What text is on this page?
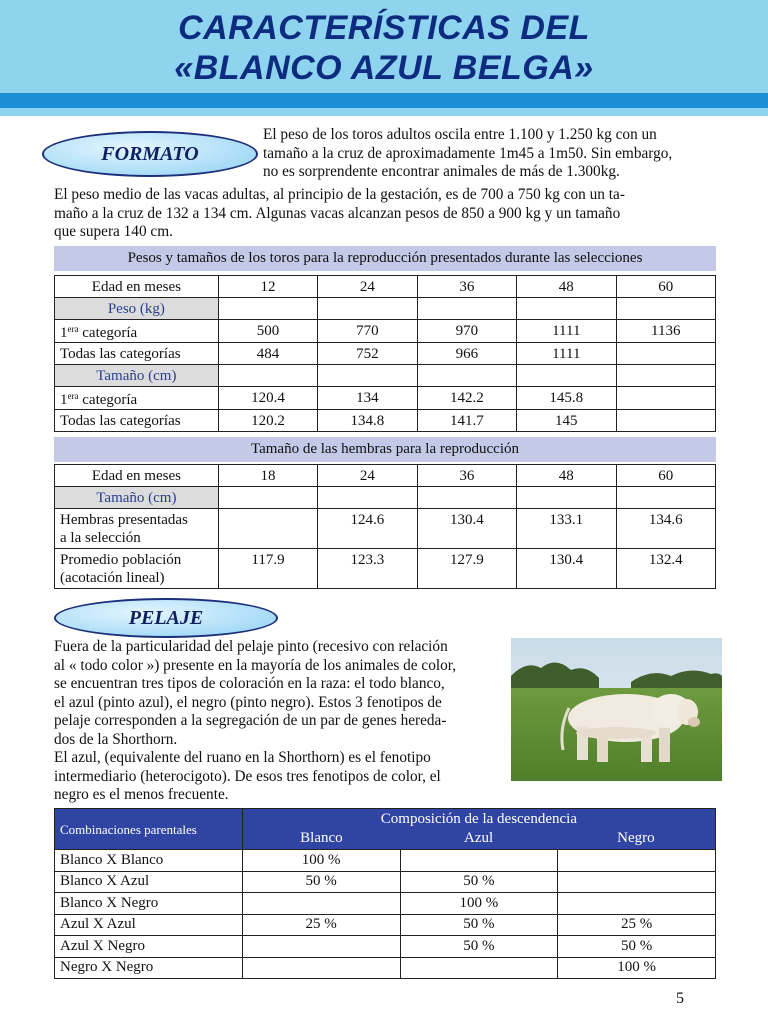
CARACTERÍSTICAS DEL
«BLANCO AZUL BELGA»
FORMATO
El peso de los toros adultos oscila entre 1.100 y 1.250 kg con un
tamaño a la cruz de aproximadamente 1m45 a 1m50. Sin embargo,
no es sorprendente encontrar animales de más de 1.300kg.
El peso medio de las vacas adultas, al principio de la gestación, es de 700 a 750 kg con un ta-
maño a la cruz de 132 a 134 cm. Algunas vacas alcanzan pesos de 850 a 900 kg y un tamaño
que supera 140 cm.
Pesos y tamaños de los toros para la reproducción presentados durante las selecciones
Edad en meses	12	24	36	48	60
Peso (kg)					
$1^{era}$ categoría	500	770	970	1111	1136
Todas las categorías	484	752	966	1111	
Tamaño (cm)					
$1^{era}$ categoría	120.4	134	142.2	145.8	
Todas las categorías	120.2	134.8	141.7	145	
Tamaño de las hembras para la reproducción
Edad en meses	18	24	36	48	60
Tamaño (cm)					

Hembras presentadas
a la selección		124.6	130.4	133.1	134.6

Promedio población
(acotación lineal)	117.9	123.3	127.9	130.4	132.4
PELAJE
Fuera de la particularidad del pelaje pinto (recesivo con relación
al « todo color ») presente en la mayoría de los animales de color,
se encuentran tres tipos de coloración en la raza: el todo blanco,
el azul (pinto azul), el negro (pinto negro). Estos 3 fenotipos de
pelaje corresponden a la segregación de un par de genes hereda-
dos de la Shorthorn.
El azul, (equivalente del ruano en la Shorthorn) es el fenotipo
intermediario (heterocigoto). De esos tres fenotipos de color, el
negro es el menos frecuente.
Combinaciones parentales	Composición de la descendencia
Blanco Azul Negro		

Blanco X Blanco	100 %		
Blanco X Azul	50 %	50 %	
Blanco X Negro		100 %	
Azul X Azul	25 %	50 %	25 %
Azul X Negro		50 %	50 %
Negro X Negro			100 %
5
